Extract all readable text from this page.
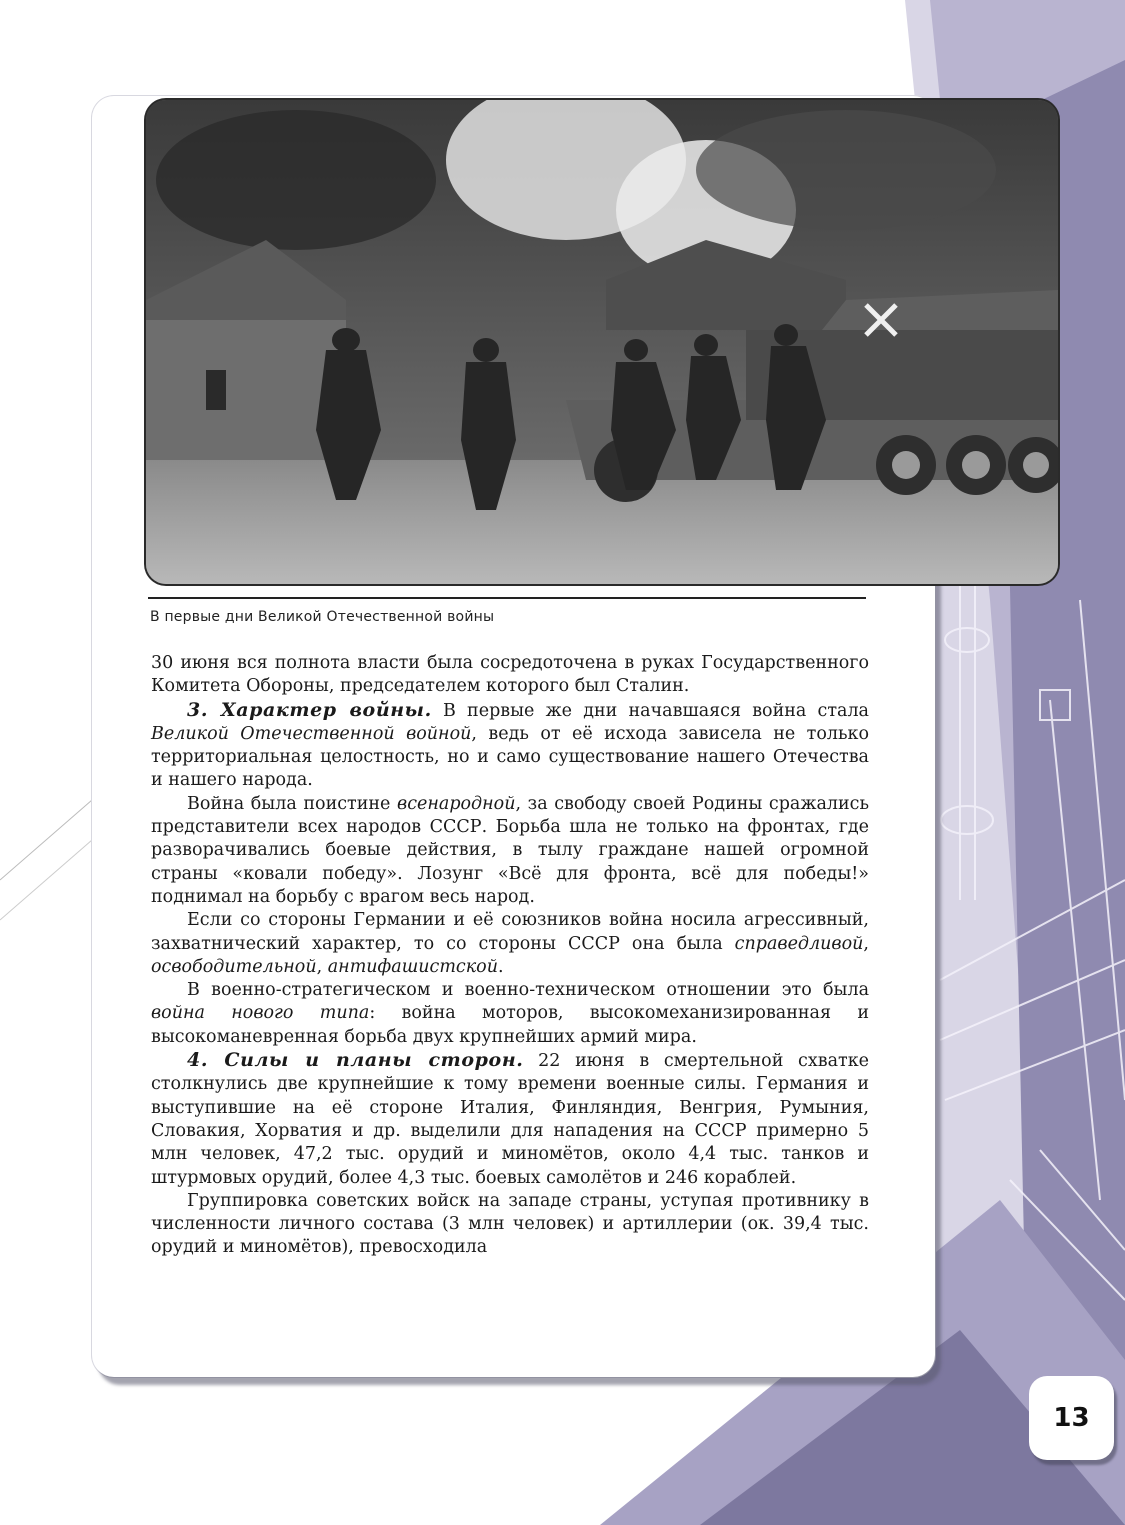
В первые дни Великой Отечественной войны

30 июня вся полнота власти была сосредоточена в руках Государственного Комитета Обороны, председателем которого был Сталин.

3. Характер войны. В первые же дни начавшаяся война стала Великой Отечественной войной, ведь от её исхода зависела не только территориальная целостность, но и само существование нашего Отечества и нашего народа.

Война была поистине всенародной, за свободу своей Родины сражались представители всех народов СССР. Борьба шла не только на фронтах, где разворачивались боевые действия, в тылу граждане нашей огромной страны «ковали победу». Лозунг «Всё для фронта, всё для победы!» поднимал на борьбу с врагом весь народ.

Если со стороны Германии и её союзников война носила агрессивный, захватнический характер, то со стороны СССР она была справедливой, освободительной, антифашистской.

В военно-стратегическом и военно-техническом отношении это была война нового типа: война моторов, высокомеханизированная и высокоманевренная борьба двух крупнейших армий мира.

4. Силы и планы сторон. 22 июня в смертельной схватке столкнулись две крупнейшие к тому времени военные силы. Германия и выступившие на её стороне Италия, Финляндия, Венгрия, Румыния, Словакия, Хорватия и др. выделили для нападения на СССР примерно 5 млн человек, 47,2 тыс. орудий и миномётов, около 4,4 тыс. танков и штурмовых орудий, более 4,3 тыс. боевых самолётов и 246 кораблей.

Группировка советских войск на западе страны, уступая противнику в численности личного состава (3 млн человек) и артиллерии (ок. 39,4 тыс. орудий и миномётов), превосходила

13
